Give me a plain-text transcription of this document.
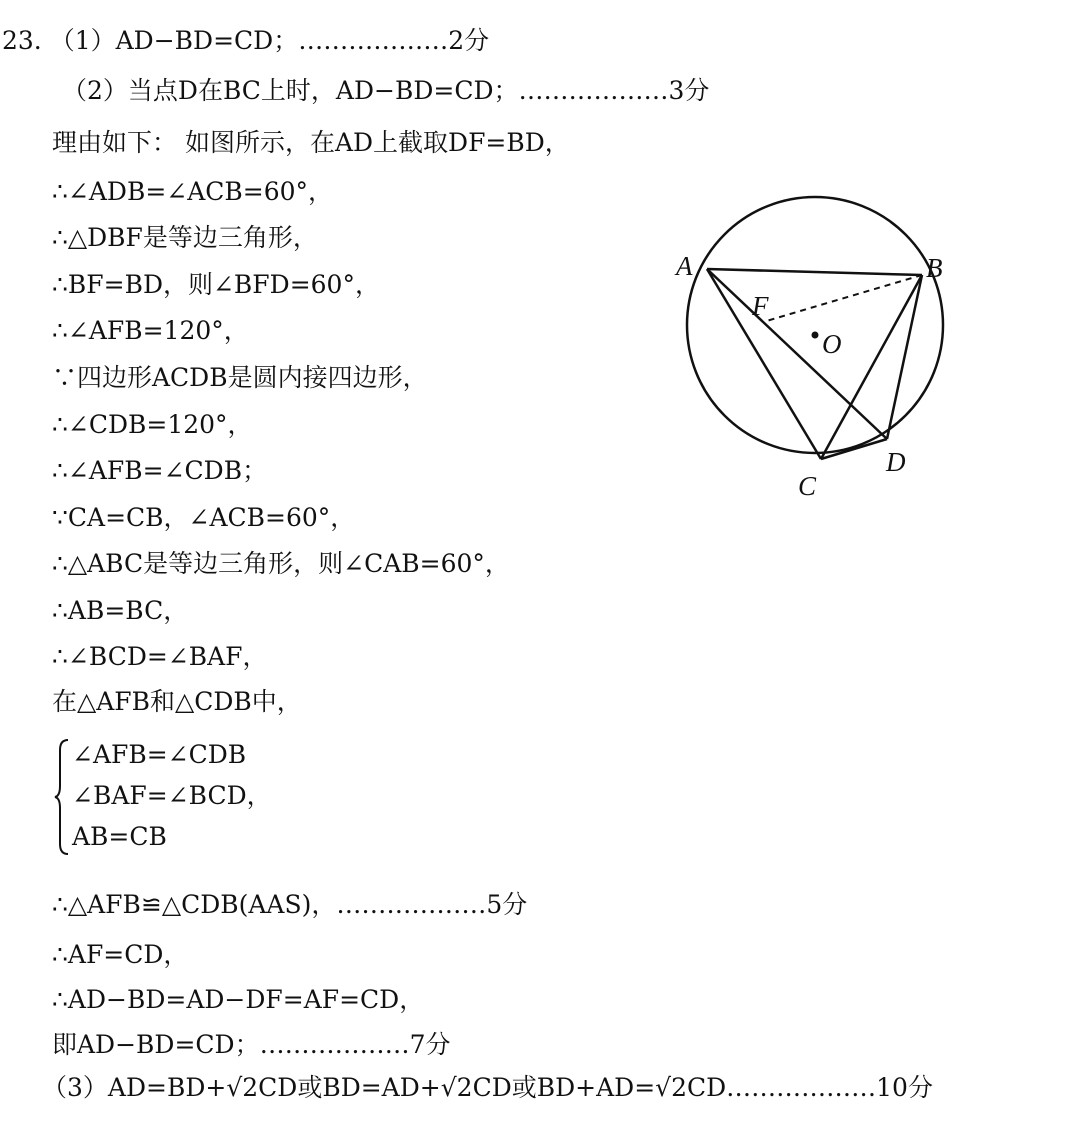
23. （1）AD−BD=CD；………………2分
（2）当点D在BC上时，AD−BD=CD；………………3分
理由如下： 如图所示，在AD上截取DF=BD，
∴∠ADB=∠ACB=60°，
∴△DBF是等边三角形，
∴BF=BD，则∠BFD=60°，
∴∠AFB=120°，
∵四边形ACDB是圆内接四边形，
∴∠CDB=120°，
∴∠AFB=∠CDB；
∵CA=CB，∠ACB=60°，
∴△ABC是等边三角形，则∠CAB=60°，
∴AB=BC，
∴∠BCD=∠BAF，
在△AFB和△CDB中，
∠AFB=∠CDB
∠BAF=∠BCD，
AB=CB
∴△AFB≌△CDB(AAS)，………………5分
∴AF=CD，
∴AD−BD=AD−DF=AF=CD，
即AD−BD=CD；………………7分
（3）AD=BD+√2CD或BD=AD+√2CD或BD+AD=√2CD………………10分
A	B
C
D
F
O
